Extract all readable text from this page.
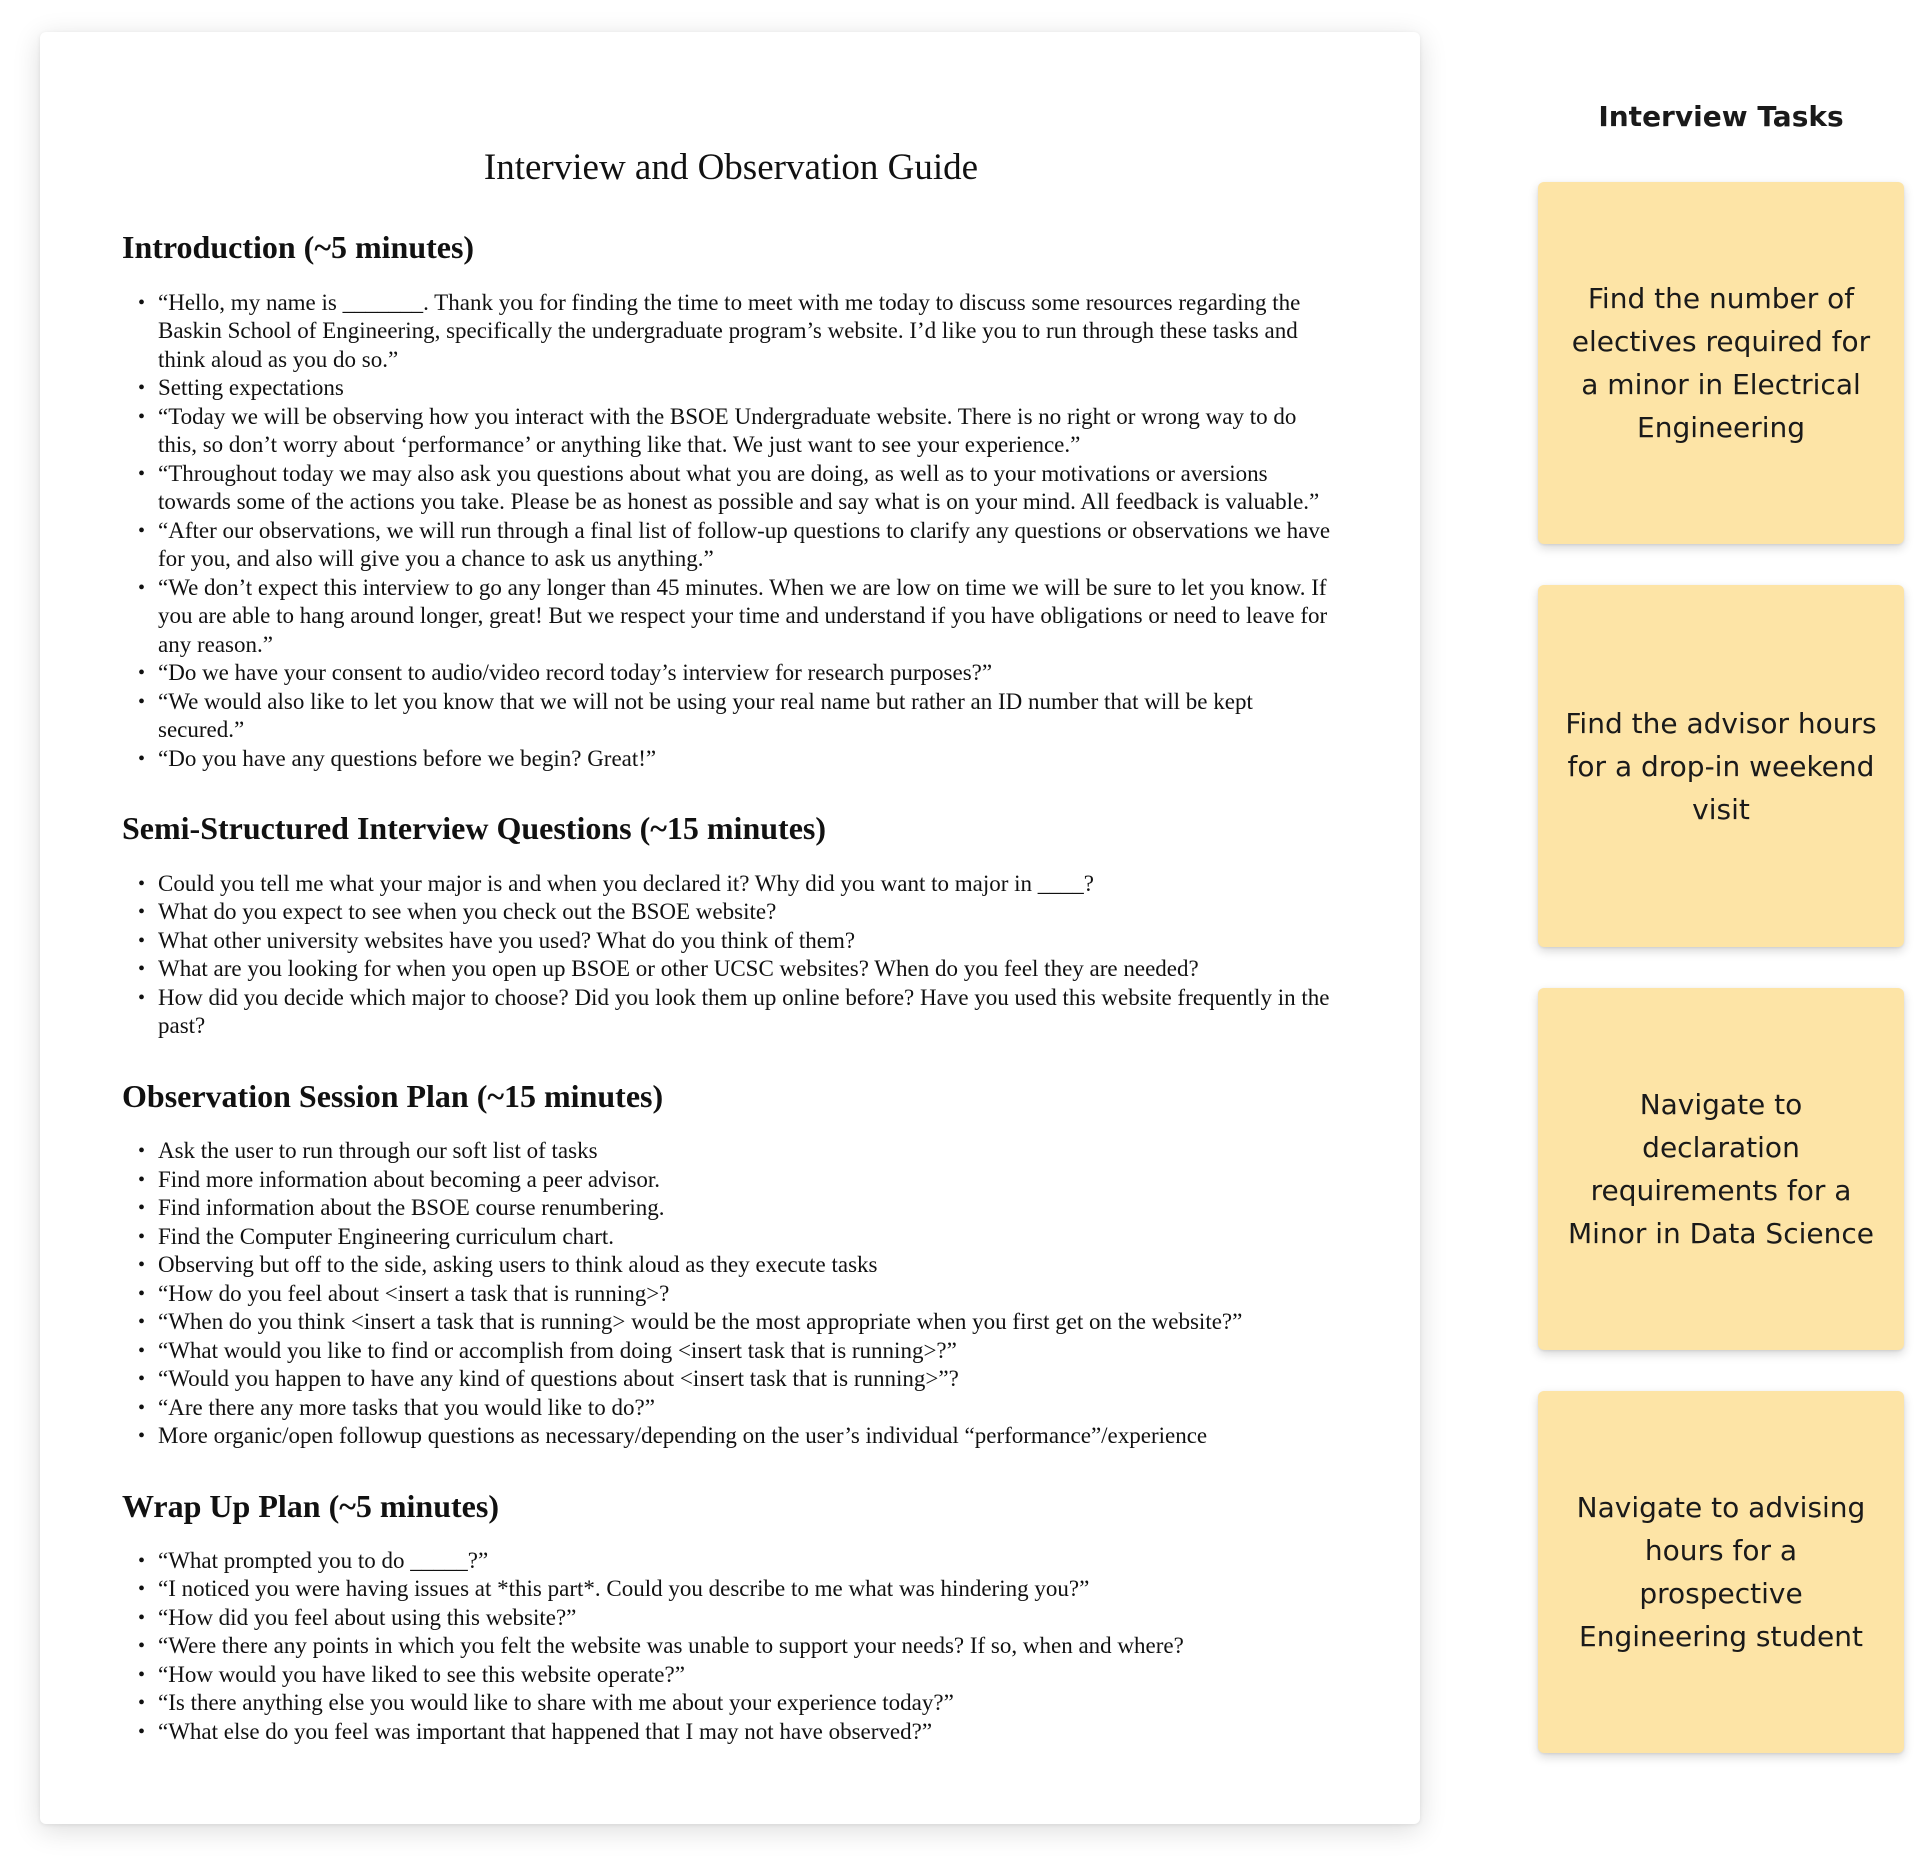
Interview and Observation Guide
Introduction (~5 minutes)
• “Hello, my name is _______. Thank you for finding the time to meet with me today to discuss some resources regarding the Baskin School of Engineering, specifically the undergraduate program’s website. I’d like you to run through these tasks and think aloud as you do so.”
• Setting expectations
• “Today we will be observing how you interact with the BSOE Undergraduate website. There is no right or wrong way to do this, so don’t worry about ‘performance’ or anything like that. We just want to see your experience.”
• “Throughout today we may also ask you questions about what you are doing, as well as to your motivations or aversions towards some of the actions you take. Please be as honest as possible and say what is on your mind. All feedback is valuable.”
• “After our observations, we will run through a final list of follow-up questions to clarify any questions or observations we have for you, and also will give you a chance to ask us anything.”
• “We don’t expect this interview to go any longer than 45 minutes. When we are low on time we will be sure to let you know. If you are able to hang around longer, great! But we respect your time and understand if you have obligations or need to leave for any reason.”
• “Do we have your consent to audio/video record today’s interview for research purposes?”
• “We would also like to let you know that we will not be using your real name but rather an ID number that will be kept secured.”
• “Do you have any questions before we begin? Great!”
Semi-Structured Interview Questions (~15 minutes)
• Could you tell me what your major is and when you declared it? Why did you want to major in ____?
• What do you expect to see when you check out the BSOE website?
• What other university websites have you used? What do you think of them?
• What are you looking for when you open up BSOE or other UCSC websites? When do you feel they are needed?
• How did you decide which major to choose? Did you look them up online before? Have you used this website frequently in the past?
Observation Session Plan (~15 minutes)
• Ask the user to run through our soft list of tasks
• Find more information about becoming a peer advisor.
• Find information about the BSOE course renumbering.
• Find the Computer Engineering curriculum chart.
• Observing but off to the side, asking users to think aloud as they execute tasks
• “How do you feel about <insert a task that is running>?
• “When do you think <insert a task that is running> would be the most appropriate when you first get on the website?”
• “What would you like to find or accomplish from doing <insert task that is running>?”
• “Would you happen to have any kind of questions about <insert task that is running>”?
• “Are there any more tasks that you would like to do?”
• More organic/open followup questions as necessary/depending on the user’s individual “performance”/experience
Wrap Up Plan (~5 minutes)
• “What prompted you to do _____?”
• “I noticed you were having issues at *this part*. Could you describe to me what was hindering you?”
• “How did you feel about using this website?”
• “Were there any points in which you felt the website was unable to support your needs? If so, when and where?
• “How would you have liked to see this website operate?”
• “Is there anything else you would like to share with me about your experience today?”
• “What else do you feel was important that happened that I may not have observed?”
Interview Tasks
Find the number of electives required for a minor in Electrical Engineering
Find the advisor hours for a drop-in weekend visit
Navigate to declaration requirements for a Minor in Data Science
Navigate to advising hours for a prospective Engineering student
